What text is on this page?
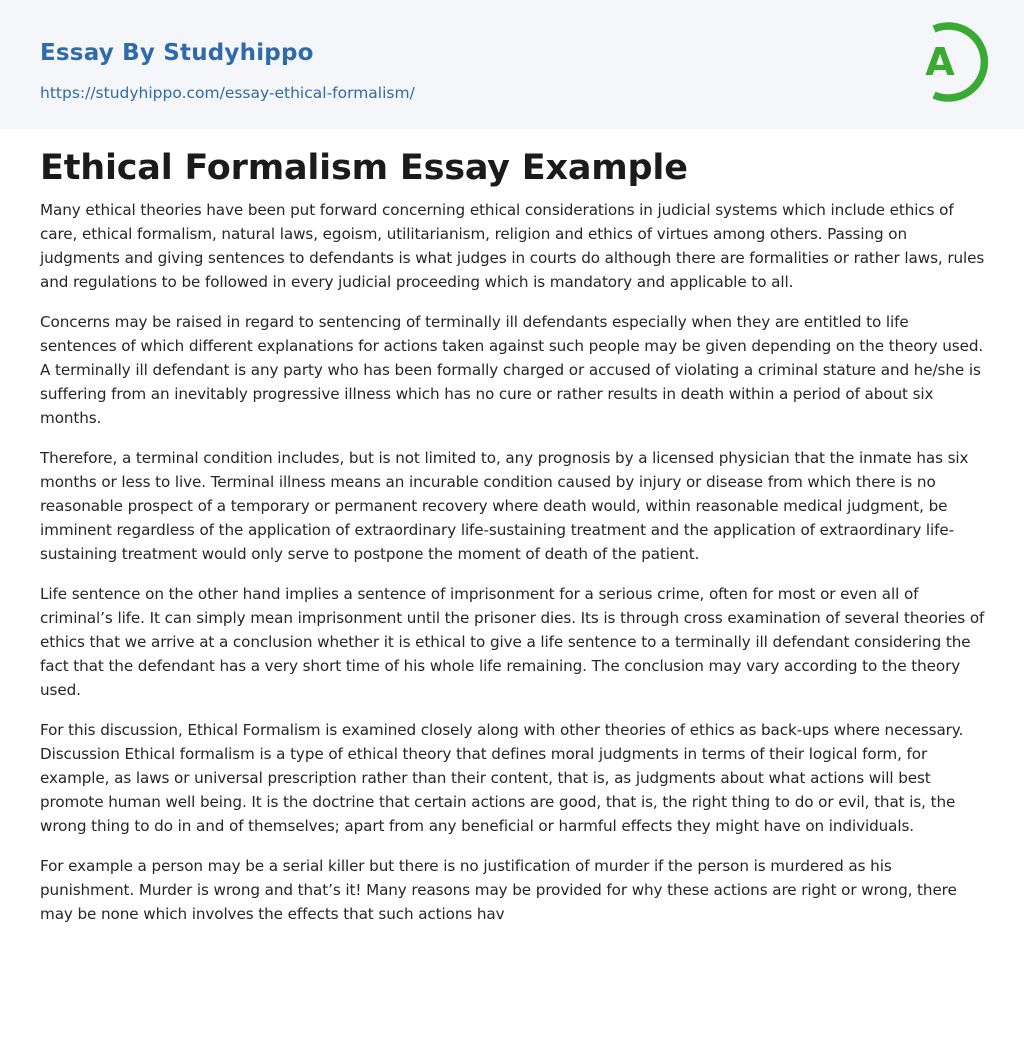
Essay By Studyhippo
https://studyhippo.com/essay-ethical-formalism/
A
Ethical Formalism Essay Example

Many ethical theories have been put forward concerning ethical considerations in judicial systems which include ethics of care, ethical formalism, natural laws, egoism, utilitarianism, religion and ethics of virtues among others. Passing on judgments and giving sentences to defendants is what judges in courts do although there are formalities or rather laws, rules and regulations to be followed in every judicial proceeding which is mandatory and applicable to all.

Concerns may be raised in regard to sentencing of terminally ill defendants especially when they are entitled to life sentences of which different explanations for actions taken against such people may be given depending on the theory used. A terminally ill defendant is any party who has been formally charged or accused of violating a criminal stature and he/she is suffering from an inevitably progressive illness which has no cure or rather results in death within a period of about six months.

Therefore, a terminal condition includes, but is not limited to, any prognosis by a licensed physician that the inmate has six months or less to live. Terminal illness means an incurable condition caused by injury or disease from which there is no reasonable prospect of a temporary or permanent recovery where death would, within reasonable medical judgment, be imminent regardless of the application of extraordinary life-sustaining treatment and the application of extraordinary life-sustaining treatment would only serve to postpone the moment of death of the patient.

Life sentence on the other hand implies a sentence of imprisonment for a serious crime, often for most or even all of criminal’s life. It can simply mean imprisonment until the prisoner dies. Its is through cross examination of several theories of ethics that we arrive at a conclusion whether it is ethical to give a life sentence to a terminally ill defendant considering the fact that the defendant has a very short time of his whole life remaining. The conclusion may vary according to the theory used.

For this discussion, Ethical Formalism is examined closely along with other theories of ethics as back-ups where necessary. Discussion Ethical formalism is a type of ethical theory that defines moral judgments in terms of their logical form, for example, as laws or universal prescription rather than their content, that is, as judgments about what actions will best promote human well being. It is the doctrine that certain actions are good, that is, the right thing to do or evil, that is, the wrong thing to do in and of themselves; apart from any beneficial or harmful effects they might have on individuals.

For example a person may be a serial killer but there is no justification of murder if the person is murdered as his punishment. Murder is wrong and that’s it! Many reasons may be provided for why these actions are right or wrong, there may be none which involves the effects that such actions hav
